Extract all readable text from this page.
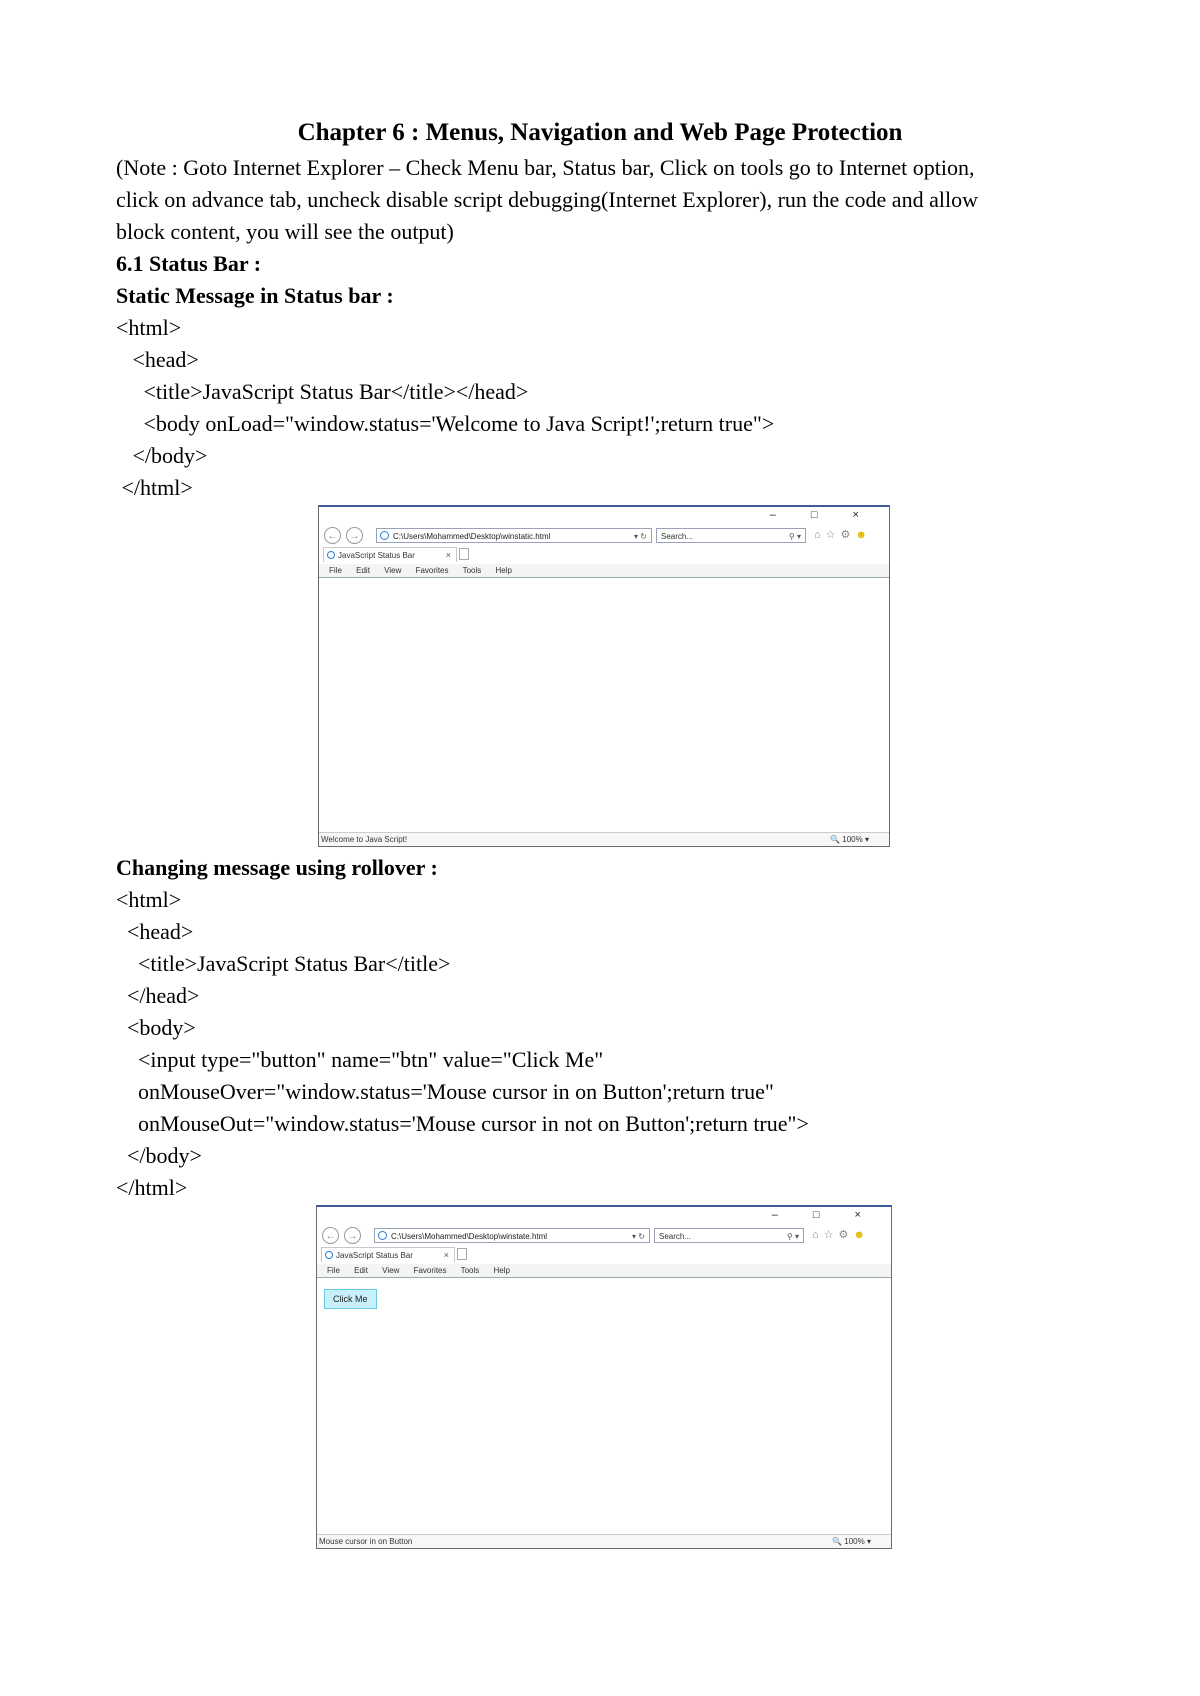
Chapter 6 : Menus, Navigation and Web Page Protection
(Note : Goto Internet Explorer – Check Menu bar, Status bar, Click on tools go to Internet option,
click on advance tab, uncheck disable script debugging(Internet Explorer), run the code and allow
block content, you will see the output)
6.1 Status Bar :
Static Message in Status bar :
<html>
<head>
<title>JavaScript Status Bar</title></head>
<body onLoad="window.status='Welcome to Java Script!';return true">
</body>
</html>
– □ ×
←	→	C:\Users\Mohammed\Desktop\winstatic.html	▾ ↻	Search...	⚲ ▾ ⌂☆⚙☻
JavaScript Status Bar	×
File Edit View Favorites Tools Help
Welcome to Java Script!	🔍 100% ▾
Changing message using rollover :
<html>
<head>
<title>JavaScript Status Bar</title>
</head>
<body>
<input type="button" name="btn" value="Click Me"
onMouseOver="window.status='Mouse cursor in on Button';return true"
onMouseOut="window.status='Mouse cursor in not on Button';return true">
</body>
</html>
– □ ×
←	→	C:\Users\Mohammed\Desktop\winstate.html	▾ ↻	Search...	⚲ ▾ ⌂☆⚙☻
JavaScript Status Bar	×
File Edit View Favorites Tools Help
Click Me
Mouse cursor in on Button	🔍 100% ▾
